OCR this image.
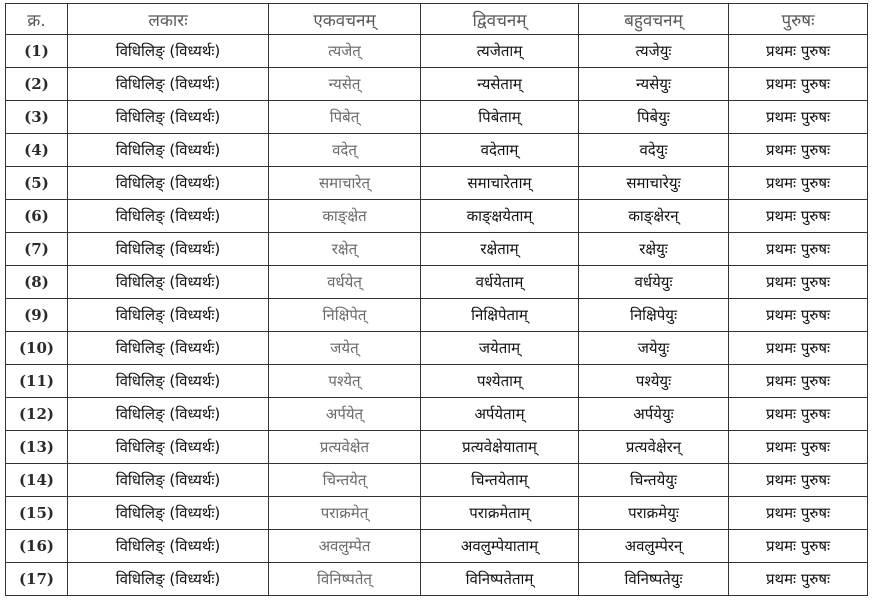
क्र.	लकारः	एकवचनम्	द्विवचनम्	बहुवचनम्	पुरुषः
(1)	विधिलिङ् (विध्यर्थः)	त्यजेत्	त्यजेताम्	त्यजेयुः	प्रथमः पुरुषः
(2)	विधिलिङ् (विध्यर्थः)	न्यसेत्	न्यसेताम्	न्यसेयुः	प्रथमः पुरुषः
(3)	विधिलिङ् (विध्यर्थः)	पिबेत्	पिबेताम्	पिबेयुः	प्रथमः पुरुषः
(4)	विधिलिङ् (विध्यर्थः)	वदेत्	वदेताम्	वदेयुः	प्रथमः पुरुषः
(5)	विधिलिङ् (विध्यर्थः)	समाचारेत्	समाचारेताम्	समाचारेयुः	प्रथमः पुरुषः
(6)	विधिलिङ् (विध्यर्थः)	काङ्क्षेत	काङ्क्षयेताम्	काङ्क्षेरन्	प्रथमः पुरुषः
(7)	विधिलिङ् (विध्यर्थः)	रक्षेत्	रक्षेताम्	रक्षेयुः	प्रथमः पुरुषः
(8)	विधिलिङ् (विध्यर्थः)	वर्धयेत्	वर्धयेताम्	वर्धयेयुः	प्रथमः पुरुषः
(9)	विधिलिङ् (विध्यर्थः)	निक्षिपेत्	निक्षिपेताम्	निक्षिपेयुः	प्रथमः पुरुषः
(10)	विधिलिङ् (विध्यर्थः)	जयेत्	जयेताम्	जयेयुः	प्रथमः पुरुषः
(11)	विधिलिङ् (विध्यर्थः)	पश्येत्	पश्येताम्	पश्येयुः	प्रथमः पुरुषः
(12)	विधिलिङ् (विध्यर्थः)	अर्पयेत्	अर्पयेताम्	अर्पयेयुः	प्रथमः पुरुषः
(13)	विधिलिङ् (विध्यर्थः)	प्रत्यवेक्षेत	प्रत्यवेक्षेयाताम्	प्रत्यवेक्षेरन्	प्रथमः पुरुषः
(14)	विधिलिङ् (विध्यर्थः)	चिन्तयेत्	चिन्तयेताम्	चिन्तयेयुः	प्रथमः पुरुषः
(15)	विधिलिङ् (विध्यर्थः)	पराक्रमेत्	पराक्रमेताम्	पराक्रमेयुः	प्रथमः पुरुषः
(16)	विधिलिङ् (विध्यर्थः)	अवलुम्पेत	अवलुम्पेयाताम्	अवलुम्पेरन्	प्रथमः पुरुषः
(17)	विधिलिङ् (विध्यर्थः)	विनिष्पतेत्	विनिष्पतेताम्	विनिष्पतेयुः	प्रथमः पुरुषः
